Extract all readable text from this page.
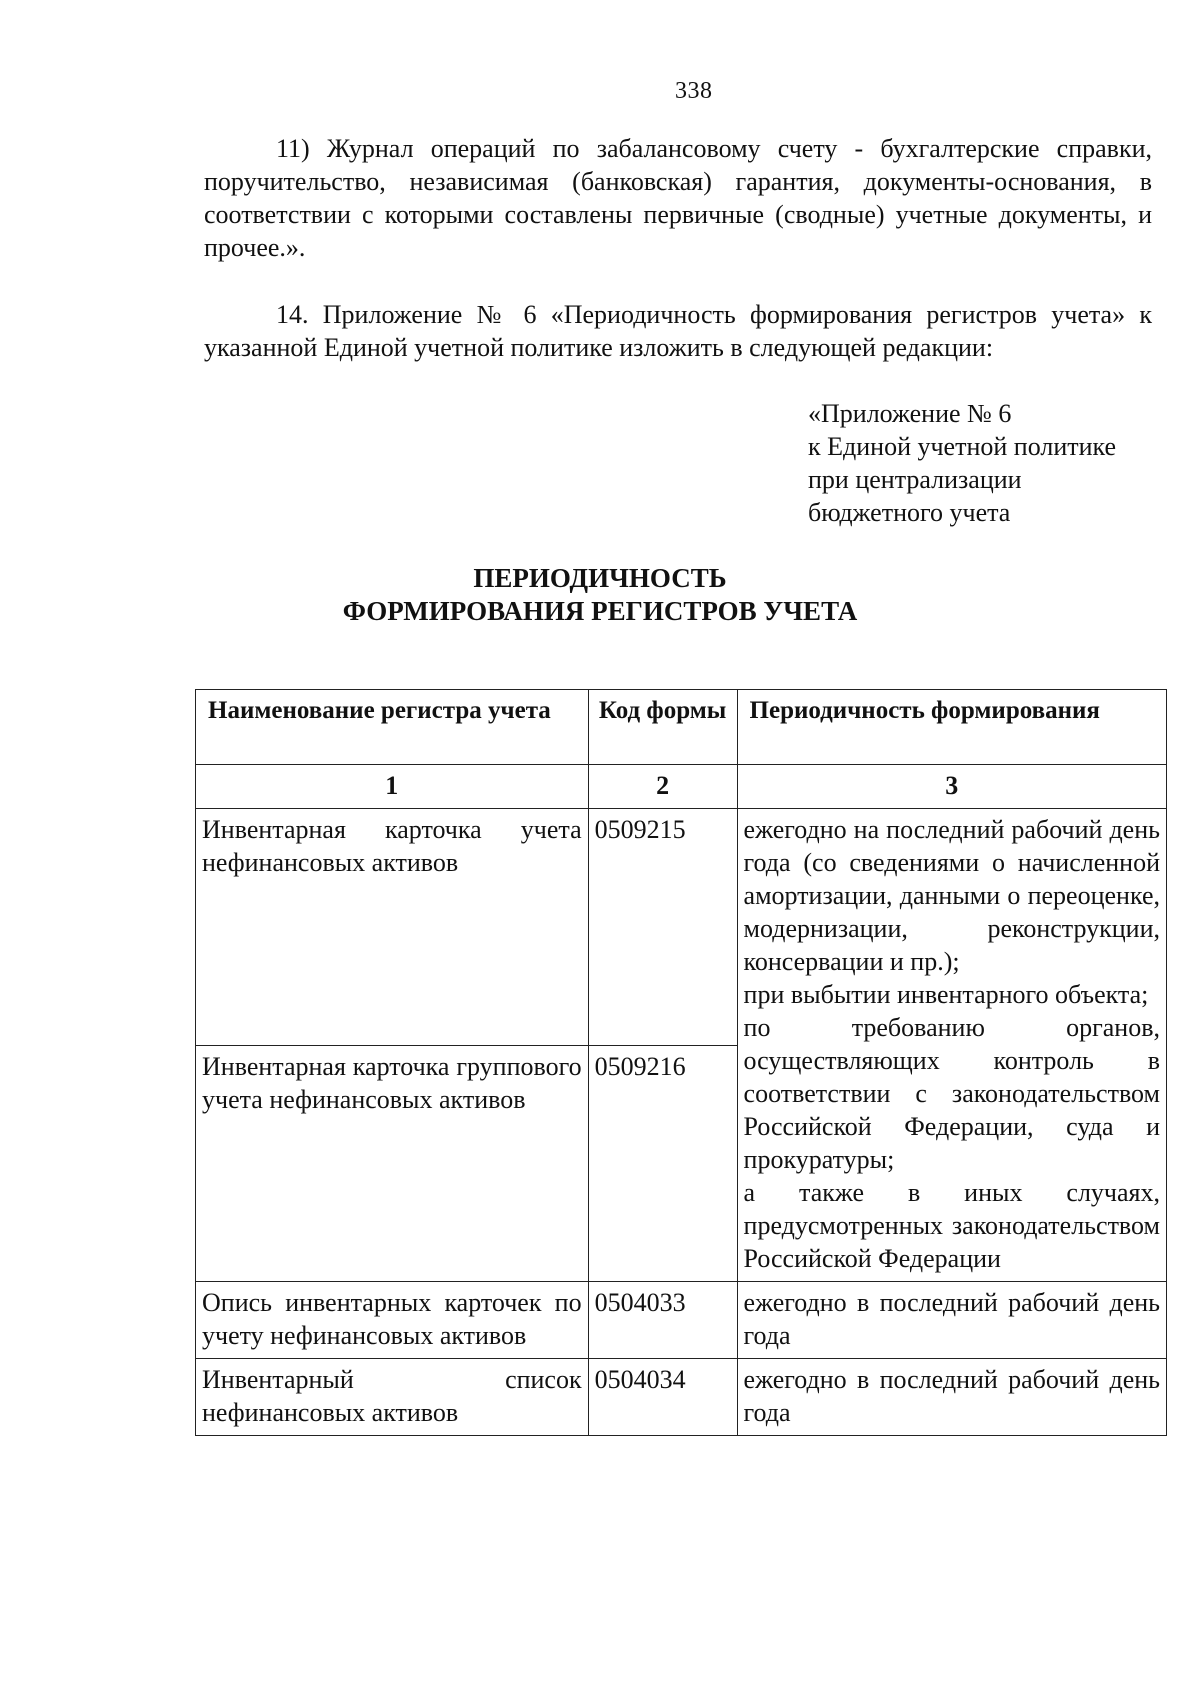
338

11) Журнал операций по забалансовому счету - бухгалтерские справки, поручительство, независимая (банковская) гарантия, документы-основания, в соответствии с которыми составлены первичные (сводные) учетные документы, и прочее.».

14. Приложение № 6 «Периодичность формирования регистров учета» к указанной Единой учетной политике изложить в следующей редакции:

«Приложение № 6
к Единой учетной политике
при централизации
бюджетного учета
ПЕРИОДИЧНОСТЬ
ФОРМИРОВАНИЯ РЕГИСТРОВ УЧЕТА
Наименование регистра учета	Код формы	Периодичность формирования
1	2	3
Инвентарная карточка учета нефинансовых активов	0509215	ежегодно на последний рабочий день года (со сведениями о начисленной амортизации, данными о переоценке, модернизации, реконструкции, консервации и пр.);
при выбытии инвентарного объекта;
по требованию органов, осуществляющих контроль в соответствии с законодательством Российской Федерации, суда и прокуратуры;
а также в иных случаях, предусмотренных законодательством Российской Федерации

Инвентарная карточка группового учета нефинансовых активов	0509216	
Опись инвентарных карточек по учету нефинансовых активов	0504033	ежегодно в последний рабочий день года
Инвентарный список нефинансовых активов	0504034	ежегодно в последний рабочий день года
